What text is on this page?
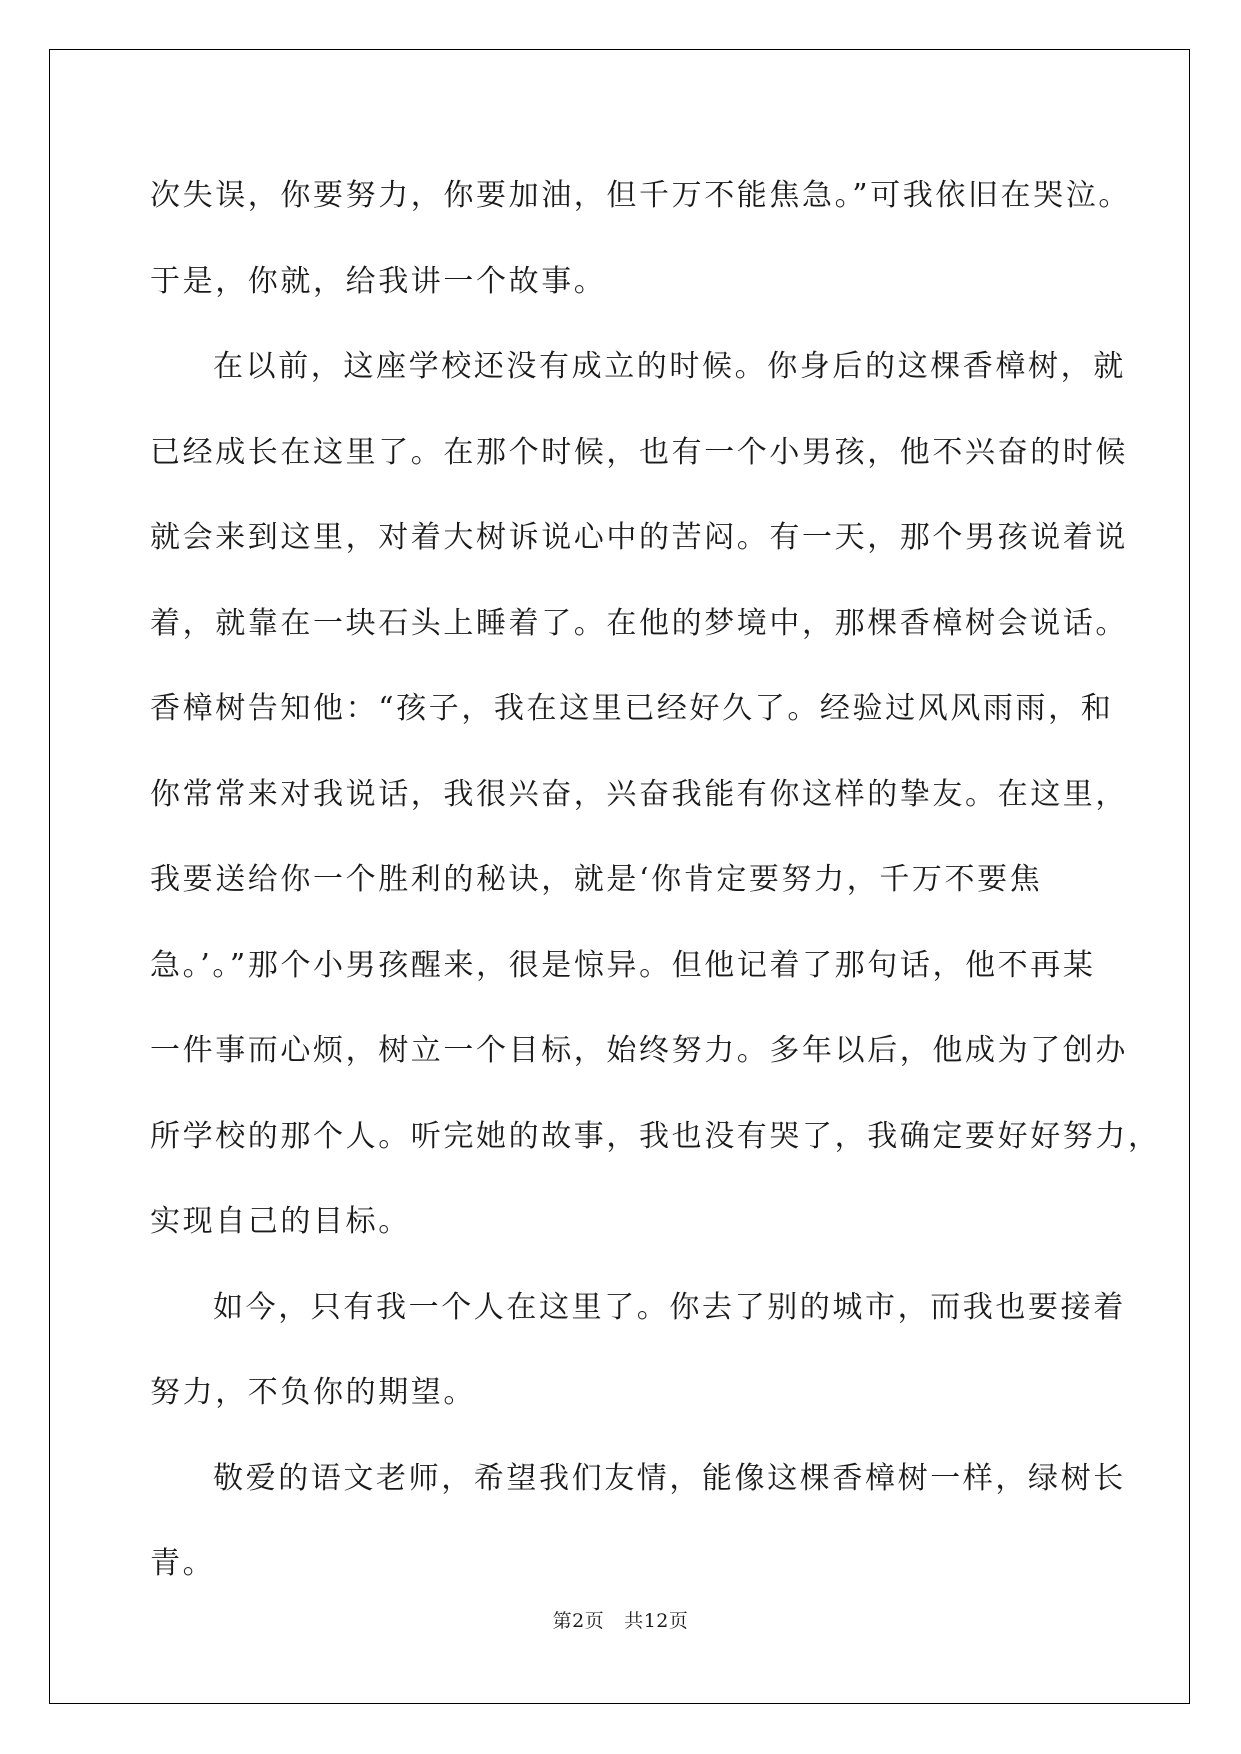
次失误，你要努力，你要加油，但千万不能焦急。”可我依旧在哭泣。
于是，你就，给我讲一个故事。
在以前，这座学校还没有成立的时候。你身后的这棵香樟树，就
已经成长在这里了。在那个时候，也有一个小男孩，他不兴奋的时候
就会来到这里，对着大树诉说心中的苦闷。有一天，那个男孩说着说
着，就靠在一块石头上睡着了。在他的梦境中，那棵香樟树会说话。
香樟树告知他：“孩子，我在这里已经好久了。经验过风风雨雨，和
你常常来对我说话，我很兴奋，兴奋我能有你这样的挚友。在这里，
我要送给你一个胜利的秘诀，就是‘你肯定要努力，千万不要焦
急。’。”那个小男孩醒来，很是惊异。但他记着了那句话，他不再某
一件事而心烦，树立一个目标，始终努力。多年以后，他成为了创办
所学校的那个人。听完她的故事，我也没有哭了，我确定要好好努力，
实现自己的目标。
如今，只有我一个人在这里了。你去了别的城市，而我也要接着
努力，不负你的期望。
敬爱的语文老师，希望我们友情，能像这棵香樟树一样，绿树长
青。
第2页 共12页
